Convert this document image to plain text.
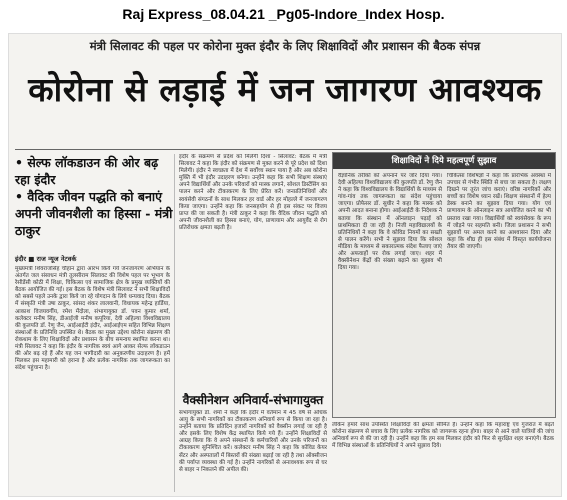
Raj Express_08.04.21 _Pg05-Indore_Index Hosp.
मंत्री सिलावट की पहल पर कोरोना मुक्त इंदौर के लिए शिक्षाविदों और प्रशासन की बैठक संपन्न
कोरोना से लड़ाई में जन जागरण आवश्यक
• सेल्फ लॉकडाउन की ओर बढ़ रहा इंदौर
• वैदिक जीवन पद्धति को बनाएं अपनी जीवनशैली का हिस्सा - मंत्री ठाकुर
इंदौर ■ राज न्यूज नेटवर्क
मुख्यमंत्री शिवराजसिंह चौहान द्वारा आरंभ किये गये जनजागरण अभियान के अंतर्गत जल संसाधन मंत्री तुलसीराम सिलावट की विशेष पहल पर भूभाग के रेसीडेंसी कोठी में शिक्षा, चिकित्सा एवं सामाजिक क्षेत्र के प्रमुख व्यक्तियों की बैठक आयोजित की गई। इस बैठक के विशेष मंत्री सिलावट ने सभी शिक्षाविदों को सबसे पहले उनके द्वारा किये जा रहे योगदान के लिये धन्यवाद दिया। बैठक में संस्कृति मंत्री उषा ठाकुर, सांसद शंकर लालवानी, विधायक महेन्द्र हार्डिया, आकाश विजयवर्गीय, रमेश मेंदोला, संभागायुक्त डॉ. पवन कुमार शर्मा, कलेक्टर मनीष सिंह, डीआईजी मनीष कपूरिया, देवी अहिल्या विश्वविद्यालय की कुलपति डॉ. रेणु जैन, आईआईटी इंदौर, आईआईएम सहित विभिन्न शिक्षण संस्थाओं के प्रतिनिधि उपस्थित थे। बैठक का मुख्य उद्देश्य कोरोना संक्रमण की रोकथाम के लिए शिक्षाविदों और प्रशासन के बीच समन्वय स्थापित करना था। मंत्री सिलावट ने कहा कि इंदौर के नागरिक स्वयं आगे आकर सेल्फ लॉकडाउन की ओर बढ़ रहे हैं और यह जन भागीदारी का अनुकरणीय उदाहरण है। हमें मिलकर इस महामारी को हराना है और प्रत्येक नागरिक तक जागरूकता का संदेश पहुंचाना है।
इंदौर के संक्रमण से प्रदेश को मिलेगी दिशा - सिलावट: बैठक में मंत्री सिलावट ने कहा कि इंदौर को संक्रमण से मुक्त करने से पूरे प्रदेश को दिशा मिलेगी। इंदौर ने स्वच्छता में देश में सर्वोच्च स्थान पाया है और अब कोरोना मुक्ति में भी इंदौर उदाहरण बनेगा। उन्होंने कहा कि सभी शिक्षण संस्थाएं अपने विद्यार्थियों और उनके परिवारों को मास्क लगाने, सोशल डिस्टेंसिंग का पालन करने और टीकाकरण के लिए प्रेरित करें। जनप्रतिनिधियों और स्वयंसेवी संगठनों के साथ मिलकर हर वार्ड और हर मोहल्ले में जनजागरण किया जाएगा। उन्होंने कहा कि जनसहयोग से ही इस संकट पर विजय प्राप्त की जा सकती है। मंत्री ठाकुर ने कहा कि वैदिक जीवन पद्धति को अपनी जीवनशैली का हिस्सा बनाएं, योग, प्राणायाम और आयुर्वेद से रोग प्रतिरोधक क्षमता बढ़ती है।
वैक्सीनेशन अनिवार्य-संभागायुक्त
संभागायुक्त डॉ. शर्मा ने कहा कि इंदौर में वर्तमान में 45 वर्ष से अधिक आयु के सभी नागरिकों का टीकाकरण अनिवार्य रूप से किया जा रहा है। उन्होंने बताया कि प्रतिदिन हजारों नागरिकों को वैक्सीन लगाई जा रही है और इसके लिए विशेष केंद्र स्थापित किये गये हैं। उन्होंने शिक्षाविदों से आग्रह किया कि वे अपने संस्थानों के कर्मचारियों और उनके परिजनों का टीकाकरण सुनिश्चित करें। कलेक्टर मनीष सिंह ने कहा कि कोविड केयर सेंटर और अस्पतालों में बिस्तरों की संख्या बढ़ाई जा रही है तथा ऑक्सीजन की पर्याप्त व्यवस्था की गई है। उन्होंने नागरिकों से अनावश्यक रूप से घर से बाहर न निकलने की अपील की।
शिक्षाविदों ने दिये महत्वपूर्ण सुझाव
वैज्ञानिक तरीकों को अपनाने पर जोर दिया गया। देवी अहिल्या विश्वविद्यालय की कुलपति डॉ. रेणु जैन ने कहा कि विश्वविद्यालय के विद्यार्थियों के माध्यम से गांव-गांव तक जागरूकता का संदेश पहुंचाया जाएगा। प्रोफेसर डॉ. सुधीर ने कहा कि मास्क को अपनी आदत बनाना होगा। आईआईटी के निदेशक ने बताया कि संस्थान में ऑनलाइन पढ़ाई को प्राथमिकता दी जा रही है। निजी महाविद्यालयों के प्रतिनिधियों ने कहा कि वे कोविड नियमों का सख्ती से पालन करेंगे। सभी ने सुझाव दिया कि सोशल मीडिया के माध्यम से सकारात्मक संदेश फैलाए जाएं और अफवाहों पर रोक लगाई जाए। शहर में वैक्सीनेशन केंद्रों की संख्या बढ़ाने का सुझाव भी दिया गया।
चिकित्सा विशेषज्ञों ने कहा कि प्रारंभिक अवस्था में उपचार से गंभीर स्थिति से बचा जा सकता है। लक्षण दिखने पर तुरंत जांच कराएं। वरिष्ठ नागरिकों और बच्चों का विशेष ध्यान रखें। शिक्षण संस्थानों में हेल्प डेस्क बनाने का सुझाव दिया गया। योग एवं प्राणायाम के ऑनलाइन सत्र आयोजित करने का भी प्रस्ताव रखा गया। विद्यार्थियों को स्वयंसेवक के रूप में जोड़ने पर सहमति बनी। जिला प्रशासन ने सभी सुझावों पर अमल करने का आश्वासन दिया और कहा कि शीघ्र ही इस संबंध में विस्तृत कार्ययोजना तैयार की जाएगी।
लेकिन हमारे साथ उपस्थित शिक्षाविदों की क्षमता सीमित है। उन्होंने कहा कि महाराष्ट्र एवं गुजरात में बढ़ते कोरोना संक्रमण से बचाव के लिए प्रत्येक नागरिक को जागरूक रहना होगा। बाहर से आने वाले यात्रियों की जांच अनिवार्य रूप से की जा रही है। उन्होंने कहा कि हम सब मिलकर इंदौर को फिर से सुरक्षित शहर बनाएंगे। बैठक में विभिन्न संस्थाओं के प्रतिनिधियों ने अपने सुझाव दिये।
